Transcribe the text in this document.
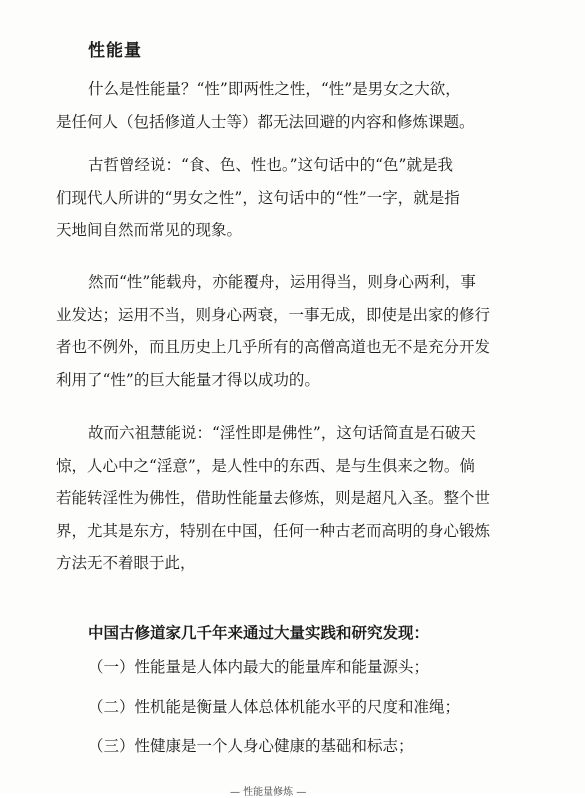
性能量
什么是性能量？“性”即两性之性，“性”是男女之大欲，
是任何人（包括修道人士等）都无法回避的内容和修炼课题。
古哲曾经说：“食、色、性也。”这句话中的“色”就是我
们现代人所讲的“男女之性”，这句话中的“性”一字，就是指
天地间自然而常见的现象。
然而“性”能载舟，亦能覆舟，运用得当，则身心两利，事
业发达；运用不当，则身心两衰，一事无成，即使是出家的修行
者也不例外，而且历史上几乎所有的高僧高道也无不是充分开发
利用了“性”的巨大能量才得以成功的。
故而六祖慧能说：“淫性即是佛性”，这句话简直是石破天
惊，人心中之“淫意”，是人性中的东西、是与生俱来之物。倘
若能转淫性为佛性，借助性能量去修炼，则是超凡入圣。整个世
界，尤其是东方，特别在中国，任何一种古老而高明的身心锻炼
方法无不着眼于此，
中国古修道家几千年来通过大量实践和研究发现：
（一）性能量是人体内最大的能量库和能量源头；
（二）性机能是衡量人体总体机能水平的尺度和准绳；
（三）性健康是一个人身心健康的基础和标志；
— 性能量修炼 —
